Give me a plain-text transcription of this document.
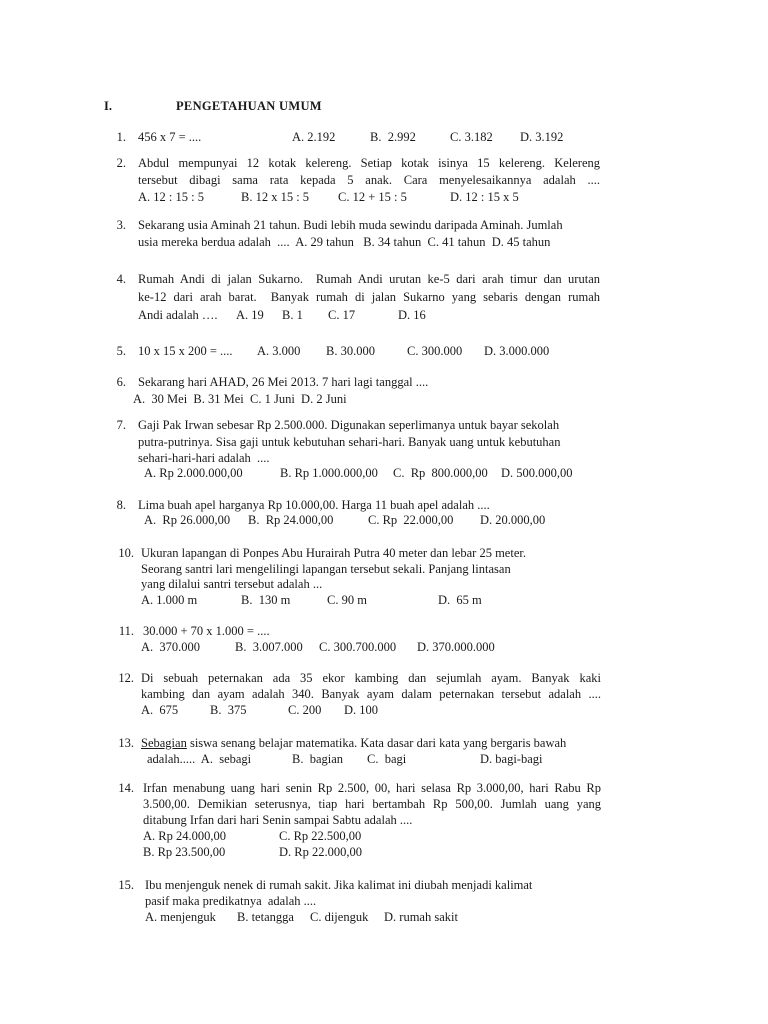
I.	PENGETAHUAN UMUM
1. 456 x 7 = ....	A. 2.192	B.  2.992	C. 3.182 D. 3.192
2. Abdul mempunyai 12 kotak kelereng. Setiap kotak isinya 15 kelereng. Kelereng
tersebut dibagi sama rata kepada 5 anak. Cara menyelesaikannya adalah ....
A. 12 : 15 : 5	B. 12 x 15 : 5 C. 12 + 15 : 5	D. 12 : 15 x 5
3. Sekarang usia Aminah 21 tahun. Budi lebih muda sewindu daripada Aminah. Jumlah
usia mereka berdua adalah  ....  A. 29 tahun   B. 34 tahun  C. 41 tahun  D. 45 tahun
4. Rumah Andi di jalan Sukarno.  Rumah Andi urutan ke-5 dari arah timur dan urutan
ke-12 dari arah barat.  Banyak rumah di jalan Sukarno yang sebaris dengan rumah
Andi adalah …. A. 19 B. 1 C. 17	D. 16
5. 10 x 15 x 200 = .... A. 3.000 B. 30.000	C. 300.000 D. 3.000.000
6. Sekarang hari AHAD, 26 Mei 2013. 7 hari lagi tanggal ....
A.  30 Mei  B. 31 Mei  C. 1 Juni  D. 2 Juni
7. Gaji Pak Irwan sebesar Rp 2.500.000. Digunakan seperlimanya untuk bayar sekolah
putra-putrinya. Sisa gaji untuk kebutuhan sehari-hari. Banyak uang untuk kebutuhan
sehari-hari-hari adalah  ....
A. Rp 2.000.000,00	B. Rp 1.000.000,00 C.  Rp  800.000,00 D. 500.000,00
8. Lima buah apel harganya Rp 10.000,00. Harga 11 buah apel adalah ....
A.  Rp 26.000,00 B.  Rp 24.000,00	C. Rp  22.000,00 D. 20.000,00
10. Ukuran lapangan di Ponpes Abu Hurairah Putra 40 meter dan lebar 25 meter.
Seorang santri lari mengelilingi lapangan tersebut sekali. Panjang lintasan
yang dilalui santri tersebut adalah ...
A. 1.000 m	B.  130 m	C. 90 m	D.  65 m
11. 30.000 + 70 x 1.000 = ....
A.  370.000	B.  3.007.000 C. 300.700.000 D. 370.000.000
12. Di sebuah peternakan ada 35 ekor kambing dan sejumlah ayam. Banyak kaki
kambing dan ayam adalah 340. Banyak ayam dalam peternakan tersebut adalah ....
A.  675	B.  375	C. 200 D. 100
13. Sebagian siswa senang belajar matematika. Kata dasar dari kata yang bergaris bawah
adalah.....  A.  sebagi	B.  bagian C.  bagi	D. bagi-bagi
14. Irfan menabung uang hari senin Rp 2.500, 00, hari selasa Rp 3.000,00, hari Rabu Rp
3.500,00. Demikian seterusnya, tiap hari bertambah Rp 500,00. Jumlah uang yang
ditabung Irfan dari hari Senin sampai Sabtu adalah ....
A. Rp 24.000,00	C. Rp 22.500,00
B. Rp 23.500,00	D. Rp 22.000,00
15. Ibu menjenguk nenek di rumah sakit. Jika kalimat ini diubah menjadi kalimat
pasif maka predikatnya  adalah ....
A. menjenguk B. tetangga C. dijenguk D. rumah sakit
